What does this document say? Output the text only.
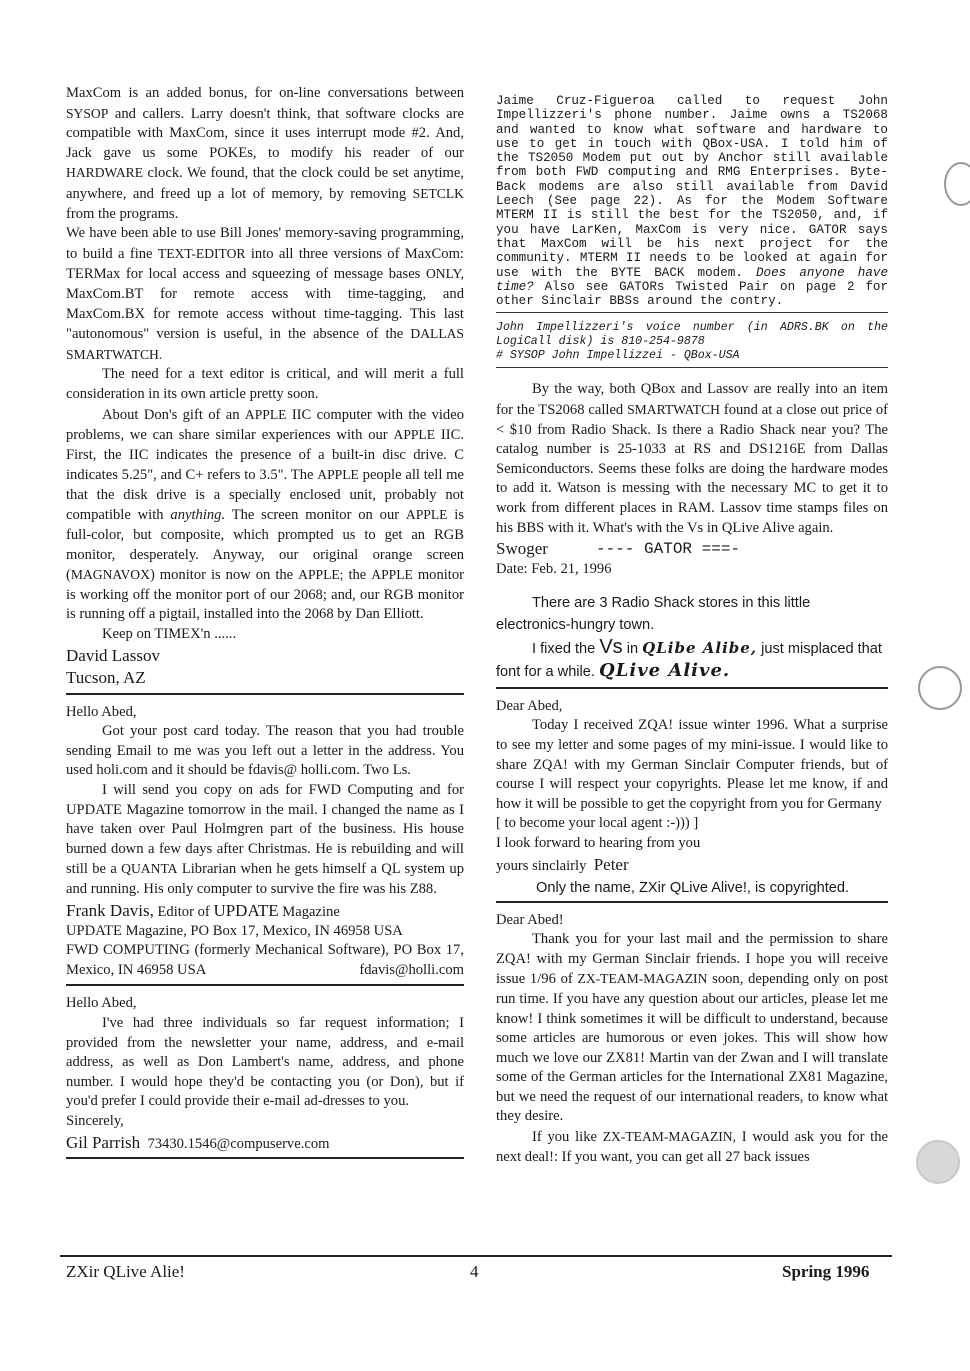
MaxCom is an added bonus, for on-line conversations between SYSOP and callers. Larry doesn't think, that software clocks are compatible with MaxCom, since it uses interrupt mode #2. And, Jack gave us some POKEs, to modify his reader of our HARDWARE clock. We found, that the clock could be set anytime, anywhere, and freed up a lot of memory, by removing SETCLK from the programs.

We have been able to use Bill Jones' memory-saving programming, to build a fine TEXT-EDITOR into all three versions of MaxCom: TERMax for local access and squeezing of message bases ONLY, MaxCom.BT for remote access with time-tagging, and MaxCom.BX for remote access without time-tagging. This last "autonomous" version is useful, in the absence of the DALLAS SMARTWATCH.

The need for a text editor is critical, and will merit a full consideration in its own article pretty soon.

About Don's gift of an APPLE IIC computer with the video problems, we can share similar experiences with our APPLE IIC. First, the IIC indicates the presence of a built-in disc drive. C indicates 5.25", and C+ refers to 3.5". The APPLE people all tell me that the disk drive is a specially enclosed unit, probably not compatible with anything. The screen monitor on our APPLE is full-color, but composite, which prompted us to get an RGB monitor, desperately. Anyway, our original orange screen (MAGNAVOX) monitor is now on the APPLE; the APPLE monitor is working off the monitor port of our 2068; and, our RGB monitor is running off a pigtail, installed into the 2068 by Dan Elliott.

Keep on TIMEX'n ......

David Lassov
Tucson, AZ

Hello Abed,

Got your post card today. The reason that you had trouble sending Email to me was you left out a letter in the address. You used holi.com and it should be fdavis@ holli.com. Two Ls.

I will send you copy on ads for FWD Computing and for UPDATE Magazine tomorrow in the mail. I changed the name as I have taken over Paul Holmgren part of the business. His house burned down a few days after Christmas. He is rebuilding and will still be a QUANTA Librarian when he gets himself a QL system up and running. His only computer to survive the fire was his Z88.

Frank Davis, Editor of UPDATE Magazine

UPDATE Magazine, PO Box 17, Mexico, IN 46958 USA

FWD COMPUTING (formerly Mechanical Software), PO Box 17, Mexico, IN 46958 USA	fdavis@holli.com

Hello Abed,

I've had three individuals so far request information; I provided from the newsletter your name, address, and e-mail address, as well as Don Lambert's name, address, and phone number. I would hope they'd be contacting you (or Don), but if you'd prefer I could provide their e-mail ad-dresses to you.

Sincerely,

Gil Parrish 73430.1546@compuserve.com

Jaime Cruz-Figueroa called to request John Impellizzeri's phone number. Jaime owns a TS2068 and wanted to know what software and hardware to use to get in touch with QBox-USA. I told him of the TS2050 Modem put out by Anchor still available from both FWD computing and RMG Enterprises. Byte-Back modems are also still available from David Leech (See page 22). As for the Modem Software MTERM II is still the best for the TS2050, and, if you have LarKen, MaxCom is very nice. GATOR says that MaxCom will be his next project for the community. MTERM II needs to be looked at again for use with the BYTE BACK modem. Does anyone have time? Also see GATORs Twisted Pair on page 2 for other Sinclair BBSs around the contry.

John Impellizzeri's voice number (in ADRS.BK on the LogiCall disk) is 810-254-9878
# SYSOP John Impellizzei - QBox-USA

By the way, both QBox and Lassov are really into an item for the TS2068 called SMARTWATCH found at a close out price of < $10 from Radio Shack. Is there a Radio Shack near you? The catalog number is 25-1033 at RS and DS1216E from Dallas Semiconductors. Seems these folks are doing the hardware modes to add it. Watson is messing with the necessary MC to get it to work from different places in RAM. Lassov time stamps files on his BBS with it. What's with the Vs in QLive Alive again.

Swoger	---- GATOR ===-

Date: Feb. 21, 1996

There are 3 Radio Shack stores in this little electronics-hungry town.
I fixed the Vs in QLibe Alibe, just misplaced that font for a while. QLive Alive.

Dear Abed,

Today I received ZQA! issue winter 1996. What a surprise to see my letter and some pages of my mini-issue. I would like to share ZQA! with my German Sinclair Computer friends, but of course I will respect your copyrights. Please let me know, if and how it will be possible to get the copyright from you for Germany

[ to become your local agent :-))) ]

I look forward to hearing from you

yours sinclairly Peter
Only the name, ZXir QLive Alive!, is copyrighted.

Dear Abed!

Thank you for your last mail and the permission to share ZQA! with my German Sinclair friends. I hope you will receive issue 1/96 of ZX-TEAM-MAGAZIN soon, depending only on post run time. If you have any question about our articles, please let me know! I think sometimes it will be difficult to understand, because some articles are humorous or even jokes. This will show how much we love our ZX81! Martin van der Zwan and I will translate some of the German articles for the International ZX81 Magazine, but we need the request of our international readers, to know what they desire.

If you like ZX-TEAM-MAGAZIN, I would ask you for the next deal!: If you want, you can get all 27 back issues

ZXir QLive Alie!	4	Spring 1996
